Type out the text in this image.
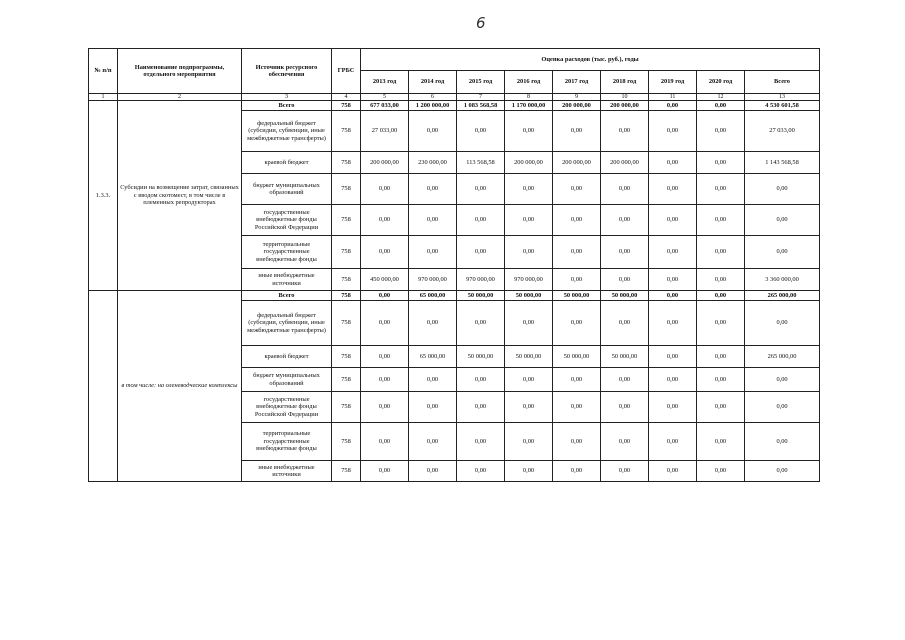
6
№ п/п	Наименование подпрограммы, отдельного мероприятия	Источник ресурсного обеспечения	ГРБС	Оценка расходов (тыс. руб.), годы								
				2013 год	2014 год	2015 год	2016 год	2017 год	2018 год	2019 год	2020 год	Всего
1	2	3	4	5	6	7	8	9	10	11	12	13
1.3.3.	Субсидии на возмещение затрат, связанных с вводом скотомест, в том числе в племенных репродукторах	Всего	758	677 033,00	1 200 000,00	1 083 568,58	1 170 000,00	200 000,00	200 000,00	0,00	0,00	4 530 601,58
		федеральный бюджет (субсидии, субвенции, иные межбюджетные трансферты)	758	27 033,00	0,00	0,00	0,00	0,00	0,00	0,00	0,00	27 033,00
		краевой бюджет	758	200 000,00	230 000,00	113 568,58	200 000,00	200 000,00	200 000,00	0,00	0,00	1 143 568,58
		бюджет муниципальных образований	758	0,00	0,00	0,00	0,00	0,00	0,00	0,00	0,00	0,00
		государственные внебюджетные фонды Российской Федерации	758	0,00	0,00	0,00	0,00	0,00	0,00	0,00	0,00	0,00
		территориальные государственные внебюджетные фонды	758	0,00	0,00	0,00	0,00	0,00	0,00	0,00	0,00	0,00
		иные внебюджетные источники	758	450 000,00	970 000,00	970 000,00	970 000,00	0,00	0,00	0,00	0,00	3 360 000,00
	в том числе: на оленеводческие комплексы	Всего	758	0,00	65 000,00	50 000,00	50 000,00	50 000,00	50 000,00	0,00	0,00	265 000,00
		федеральный бюджет (субсидии, субвенции, иные межбюджетные трансферты)	758	0,00	0,00	0,00	0,00	0,00	0,00	0,00	0,00	0,00
		краевой бюджет	758	0,00	65 000,00	50 000,00	50 000,00	50 000,00	50 000,00	0,00	0,00	265 000,00
		бюджет муниципальных образований	758	0,00	0,00	0,00	0,00	0,00	0,00	0,00	0,00	0,00
		государственные внебюджетные фонды Российской Федерации	758	0,00	0,00	0,00	0,00	0,00	0,00	0,00	0,00	0,00
		территориальные государственные внебюджетные фонды	758	0,00	0,00	0,00	0,00	0,00	0,00	0,00	0,00	0,00
		иные внебюджетные источники	758	0,00	0,00	0,00	0,00	0,00	0,00	0,00	0,00	0,00
